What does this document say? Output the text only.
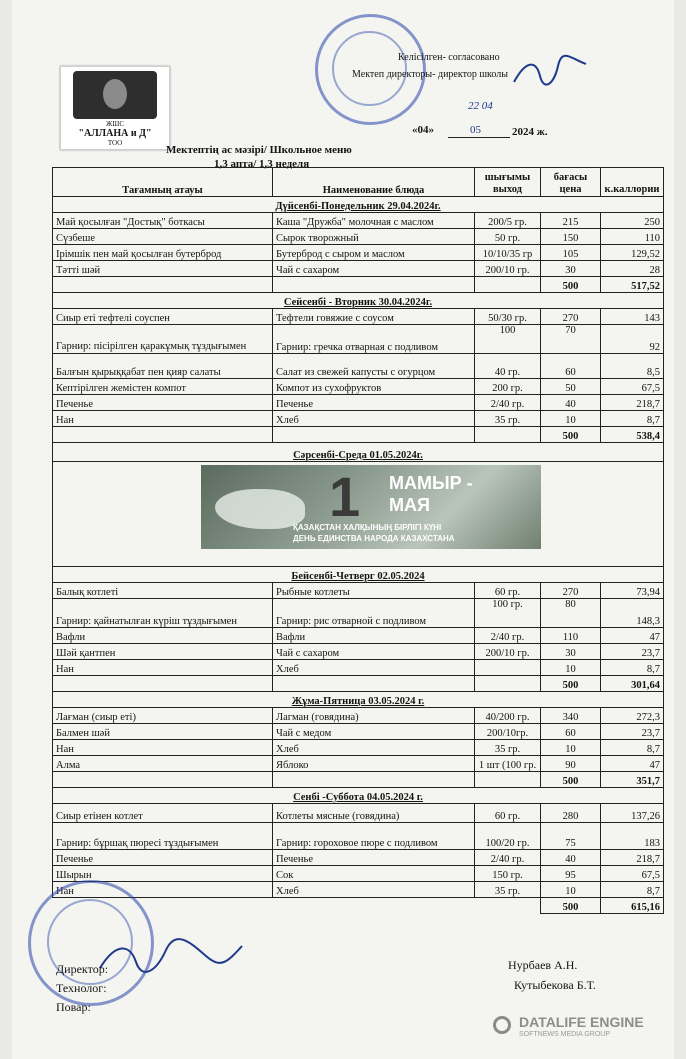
ЖШС
"АЛЛАНА и Д"
ТОО
Келісілген- согласовано
Мектеп директоры- директор школы
22 04
«04»	05	2024 ж.
Мектептің ас мәзірі/ Школьное меню
1,3 апта/ 1,3 неделя
Тағамның атауы	Наименование блюда	шығымы выход	бағасы цена	к.каллории
Дүйсенбі-Понедельник 29.04.2024г.				
Май қосылған "Достық" боткасы	Каша "Дружба" молочная с маслом	200/5 гр.	215	250
Сүзбеше	Сырок творожный	50 гр.	150	110
Ірімшік пен май қосылған бутерброд	Бутерброд с сыром и маслом	10/10/35 гр	105	129,52
Тәтті шәй	Чай с сахаром	200/10 гр.	30	28
			500	517,52
Сейсенбі - Вторник 30.04.2024г.				
Сиыр еті тефтелі соуспен	Тефтели говяжие с соусом	50/30 гр.	270	143
Гарнир: пісірілген қаракұмық тұздығымен	Гарнир: гречка отварная с подливом	100	70	92
Балғын қырыққабат пен қияр салаты	Салат из свежей капусты с огурцом	40 гр.	60	8,5
Кептірілген жемістен компот	Компот из сухофруктов	200 гр.	50	67,5
Печенье	Печенье	2/40 гр.	40	218,7
Нан	Хлеб	35 гр.	10	8,7
			500	538,4
Сәрсенбі-Среда 01.05.2024г.				

1 МАМЫР -
МАЯ
ҚАЗАҚСТАН ХАЛҚЫНЫҢ БІРЛІГІ КҮНІ
ДЕНЬ ЕДИНСТВА НАРОДА КАЗАХСТАНА				

Бейсенбі-Четверг 02.05.2024				
Балық котлеті	Рыбные котлеты	60 гр.	270	73,94
Гарнир: қайнатылған күріш тұздығымен	Гарнир: рис отварной с подливом	100 гр.	80	148,3
Вафли	Вафли	2/40 гр.	110	47
Шәй қантпен	Чай с сахаром	200/10 гр.	30	23,7
Нан	Хлеб		10	8,7
			500	301,64
Жұма-Пятница 03.05.2024 г.				
Лағман (сиыр еті)	Лагман (говядина)	40/200 гр.	340	272,3
Балмен шәй	Чай с медом	200/10гр.	60	23,7
Нан	Хлеб	35 гр.	10	8,7
Алма	Яблоко	1 шт (100 гр.	90	47
			500	351,7
Сенбі -Суббота 04.05.2024 г.				
Сиыр етінен котлет	Котлеты мясные (говядина)	60 гр.	280	137,26
Гарнир: бұршақ пюресі тұздығымен	Гарнир: гороховое пюре с подливом	100/20 гр.	75	183
Печенье	Печенье	2/40 гр.	40	218,7
Шырын	Сок	150 гр.	95	67,5
Нан	Хлеб	35 гр.	10	8,7
			500	615,16
Директор:
Технолог:
Повар:
Нурбаев А.Н.
Кутыбекова Б.Т.
DATALIFE ENGINE
SOFTNEWS MEDIA GROUP
